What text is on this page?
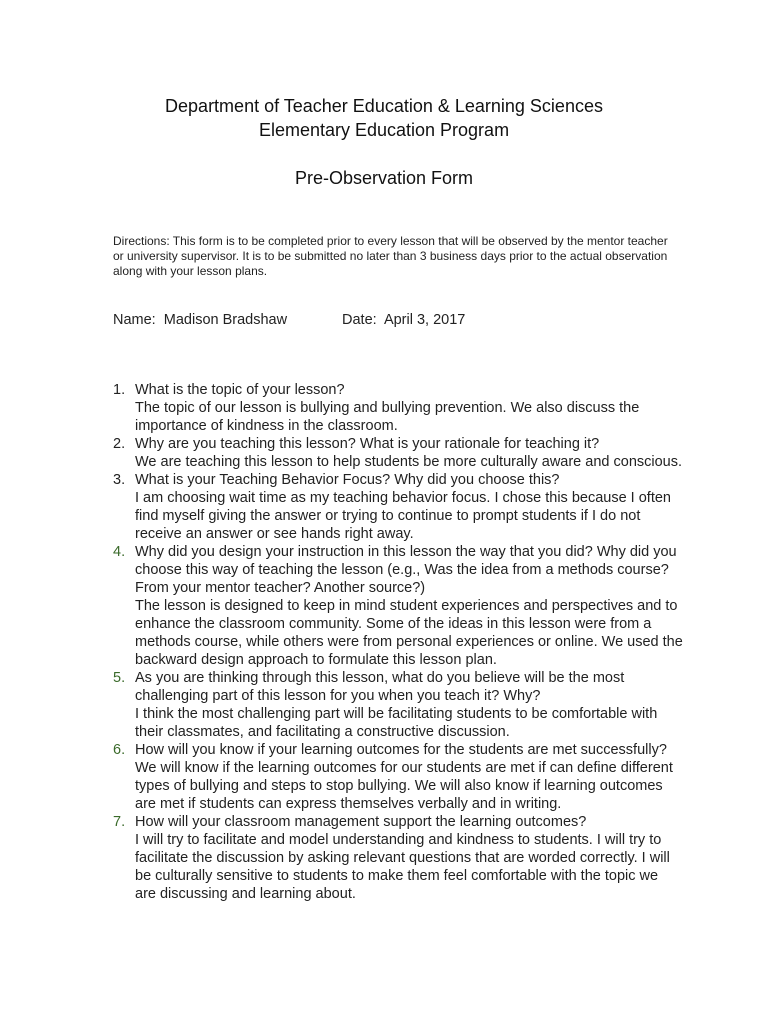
Department of Teacher Education & Learning Sciences
Elementary Education Program
Pre-Observation Form
Directions: This form is to be completed prior to every lesson that will be observed by the mentor teacher or university supervisor. It is to be submitted no later than 3 business days prior to the actual observation along with your lesson plans.
Name: Madison Bradshaw	Date: April 3, 2017
1. What is the topic of your lesson?
The topic of our lesson is bullying and bullying prevention. We also discuss the importance of kindness in the classroom.
2. Why are you teaching this lesson? What is your rationale for teaching it?
We are teaching this lesson to help students be more culturally aware and conscious.
3. What is your Teaching Behavior Focus? Why did you choose this?
I am choosing wait time as my teaching behavior focus. I chose this because I often find myself giving the answer or trying to continue to prompt students if I do not receive an answer or see hands right away.
4. Why did you design your instruction in this lesson the way that you did? Why did you choose this way of teaching the lesson (e.g., Was the idea from a methods course? From your mentor teacher? Another source?)
The lesson is designed to keep in mind student experiences and perspectives and to enhance the classroom community. Some of the ideas in this lesson were from a methods course, while others were from personal experiences or online. We used the backward design approach to formulate this lesson plan.
5. As you are thinking through this lesson, what do you believe will be the most challenging part of this lesson for you when you teach it? Why?
I think the most challenging part will be facilitating students to be comfortable with their classmates, and facilitating a constructive discussion.
6. How will you know if your learning outcomes for the students are met successfully?
We will know if the learning outcomes for our students are met if can define different types of bullying and steps to stop bullying. We will also know if learning outcomes are met if students can express themselves verbally and in writing.
7. How will your classroom management support the learning outcomes?
I will try to facilitate and model understanding and kindness to students. I will try to facilitate the discussion by asking relevant questions that are worded correctly. I will be culturally sensitive to students to make them feel comfortable with the topic we are discussing and learning about.
